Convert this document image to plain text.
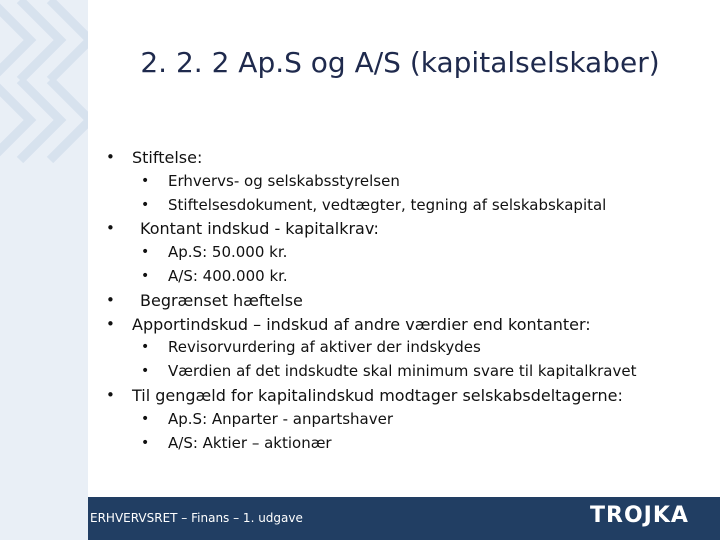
2. 2. 2 Ap.S og A/S (kapitalselskaber)
• Stiftelse:
• Erhvervs- og selskabsstyrelsen
• Stiftelsesdokument, vedtægter, tegning af selskabskapital
• Kontant indskud - kapitalkrav:
• Ap.S: 50.000 kr.
• A/S: 400.000 kr.
• Begrænset hæftelse
• Apportindskud – indskud af andre værdier end kontanter:
• Revisorvurdering af aktiver der indskydes
• Værdien af det indskudte skal minimum svare til kapitalkravet
• Til gengæld for kapitalindskud modtager selskabsdeltagerne:
• Ap.S: Anparter - anpartshaver
• A/S: Aktier – aktionær
ERHVERVSRET – Finans – 1. udgave	TROJKA
